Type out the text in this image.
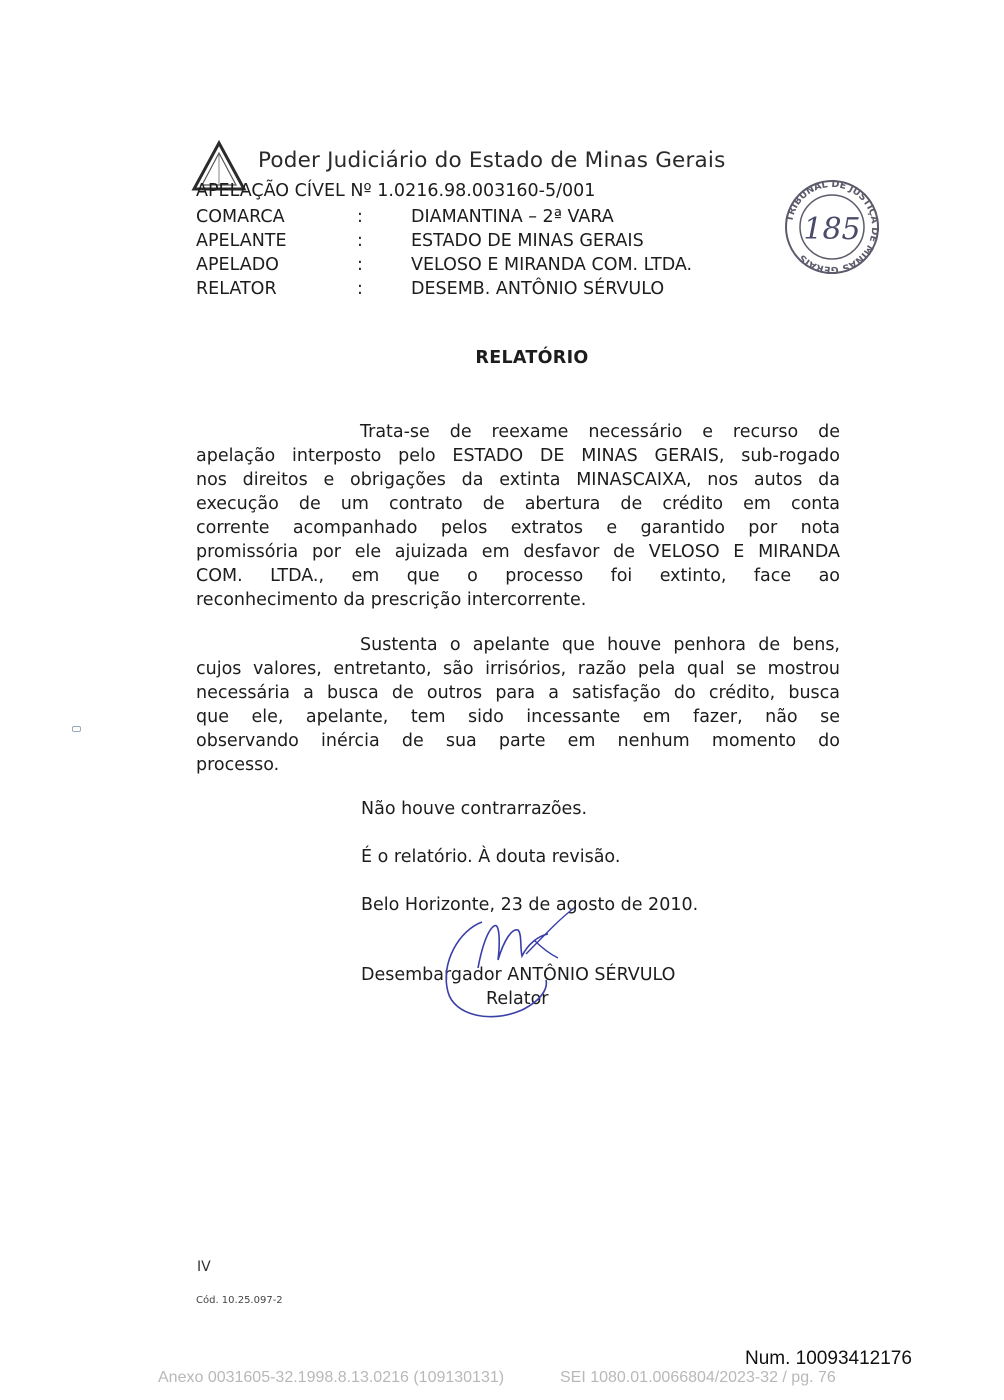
Poder Judiciário do Estado de Minas Gerais
APELAÇÃO CÍVEL Nº 1.0216.98.003160-5/001
COMARCA	:	DIAMANTINA – 2ª VARA
APELANTE	:	ESTADO DE MINAS GERAIS
APELADO	:	VELOSO E MIRANDA COM. LTDA.
RELATOR	:	DESEMB. ANTÔNIO SÉRVULO
TRIBUNAL DE JUSTIÇA DE MINAS GERAIS
185
RELATÓRIO
Trata-se de reexame necessário e recurso de
apelação interposto pelo ESTADO DE MINAS GERAIS, sub-rogado
nos direitos e obrigações da extinta MINASCAIXA, nos autos da
execução de um contrato de abertura de crédito em conta
corrente acompanhado pelos extratos e garantido por nota
promissória por ele ajuizada em desfavor de VELOSO E MIRANDA
COM. LTDA., em que o processo foi extinto, face ao
reconhecimento da prescrição intercorrente.
Sustenta o apelante que houve penhora de bens,
cujos valores, entretanto, são irrisórios, razão pela qual se mostrou
necessária a busca de outros para a satisfação do crédito, busca
que ele, apelante, tem sido incessante em fazer, não se
observando inércia de sua parte em nenhum momento do
processo.
Não houve contrarrazões.
É o relatório. À douta revisão.
Belo Horizonte, 23 de agosto de 2010.
Desembargador ANTÔNIO SÉRVULO
Relator
IV
Cód. 10.25.097-2
Num. 10093412176
Anexo 0031605-32.1998.8.13.0216 (109130131)	SEI 1080.01.0066804/2023-32 / pg. 76
